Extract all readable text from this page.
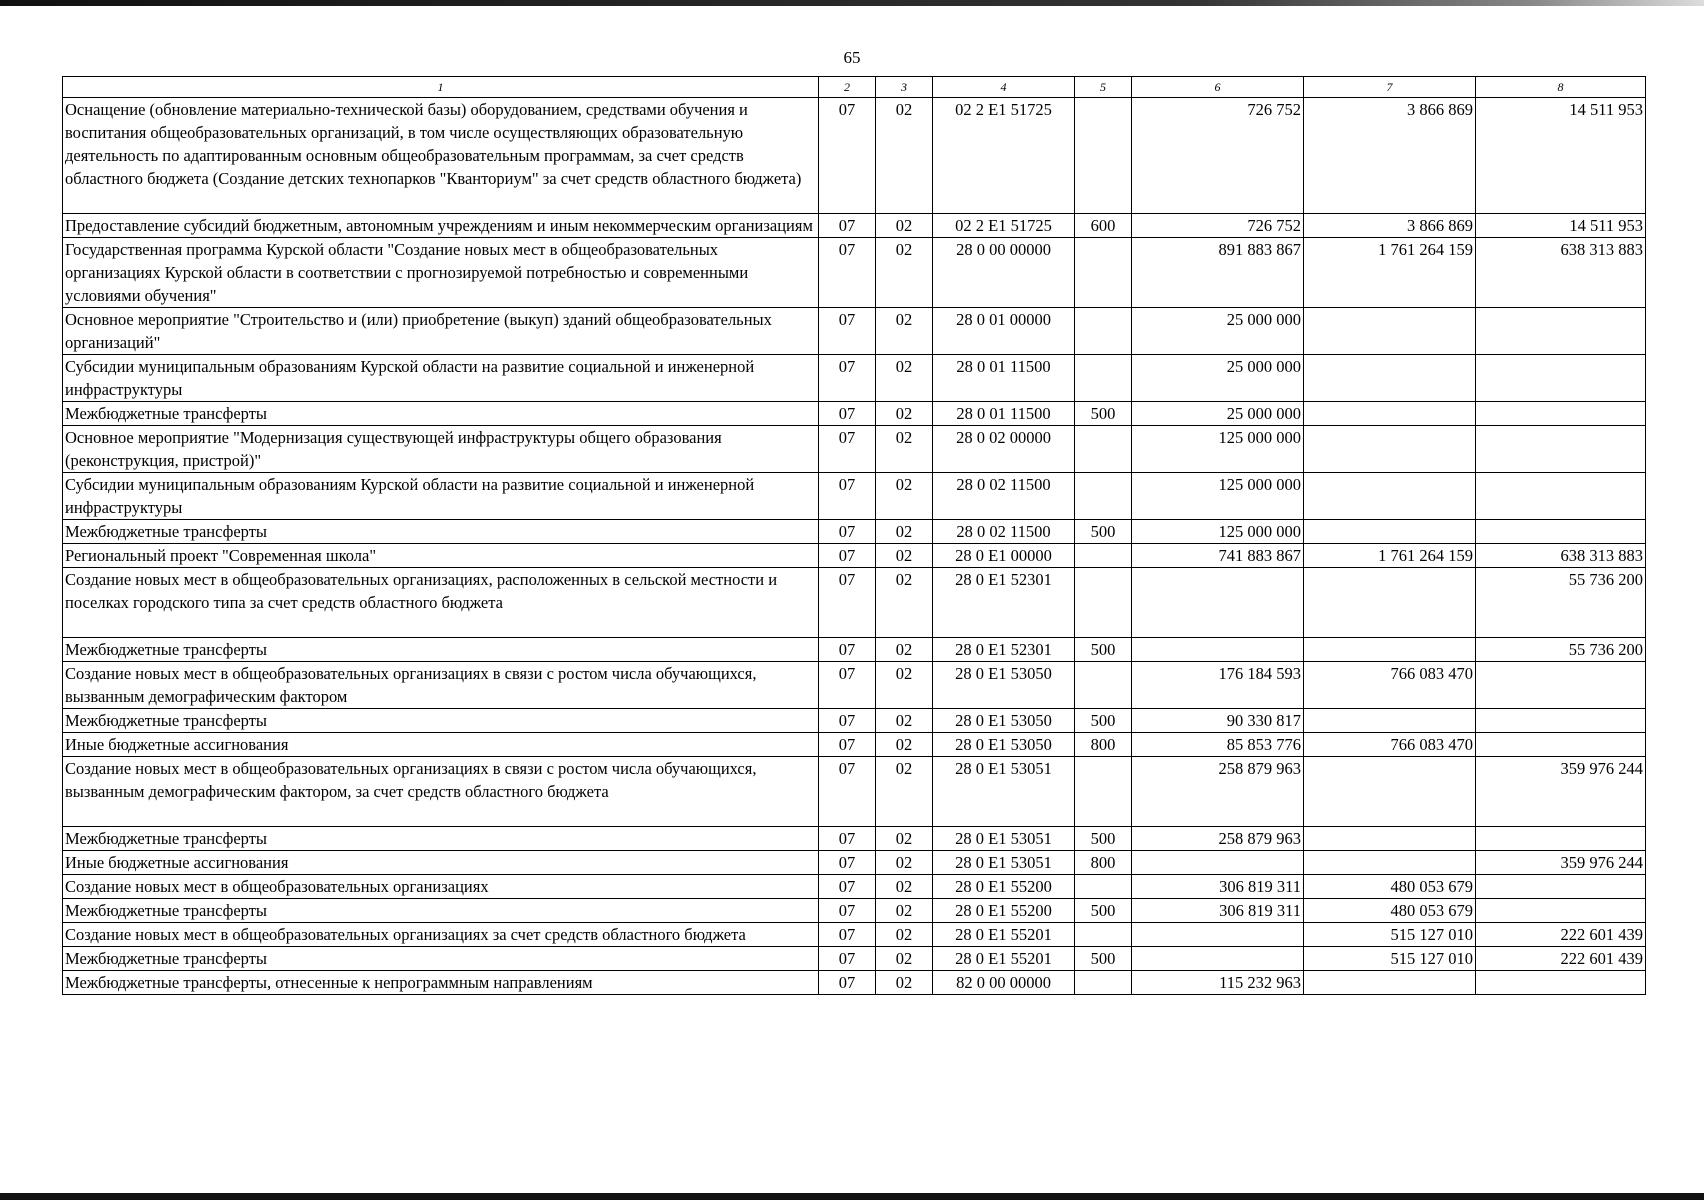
65
1	2	3	4	5	6	7	8
Оснащение (обновление материально-технической базы) оборудованием, средствами обучения и воспитания общеобразовательных организаций, в том числе осуществляющих образовательную деятельность по адаптированным основным общеобразовательным программам, за счет средств областного бюджета (Создание детских технопарков "Кванториум" за счет средств областного бюджета)	07	02	02 2 E1 51725		726 752	3 866 869	14 511 953
Предоставление субсидий бюджетным, автономным учреждениям и иным некоммерческим организациям	07	02	02 2 E1 51725	600	726 752	3 866 869	14 511 953
Государственная программа Курской области "Создание новых мест в общеобразовательных организациях Курской области в соответствии с прогнозируемой потребностью и современными условиями обучения"	07	02	28 0 00 00000		891 883 867	1 761 264 159	638 313 883
Основное мероприятие "Строительство и (или) приобретение (выкуп) зданий общеобразовательных организаций"	07	02	28 0 01 00000		25 000 000		
Субсидии муниципальным образованиям Курской области на развитие социальной и инженерной инфраструктуры	07	02	28 0 01 11500		25 000 000		
Межбюджетные трансферты	07	02	28 0 01 11500	500	25 000 000		
Основное мероприятие "Модернизация существующей инфраструктуры общего образования (реконструкция, пристрой)"	07	02	28 0 02 00000		125 000 000		
Субсидии муниципальным образованиям Курской области на развитие социальной и инженерной инфраструктуры	07	02	28 0 02 11500		125 000 000		
Межбюджетные трансферты	07	02	28 0 02 11500	500	125 000 000		
Региональный проект "Современная школа"	07	02	28 0 E1 00000		741 883 867	1 761 264 159	638 313 883
Создание новых мест в общеобразовательных организациях, расположенных в сельской местности и поселках городского типа за счет средств областного бюджета	07	02	28 0 E1 52301				55 736 200
Межбюджетные трансферты	07	02	28 0 E1 52301	500			55 736 200
Создание новых мест в общеобразовательных организациях в связи с ростом числа обучающихся, вызванным демографическим фактором	07	02	28 0 E1 53050		176 184 593	766 083 470	
Межбюджетные трансферты	07	02	28 0 E1 53050	500	90 330 817		
Иные бюджетные ассигнования	07	02	28 0 E1 53050	800	85 853 776	766 083 470	
Создание новых мест в общеобразовательных организациях в связи с ростом числа обучающихся, вызванным демографическим фактором, за счет средств областного бюджета	07	02	28 0 E1 53051		258 879 963		359 976 244
Межбюджетные трансферты	07	02	28 0 E1 53051	500	258 879 963		
Иные бюджетные ассигнования	07	02	28 0 E1 53051	800			359 976 244
Создание новых мест в общеобразовательных организациях	07	02	28 0 E1 55200		306 819 311	480 053 679	
Межбюджетные трансферты	07	02	28 0 E1 55200	500	306 819 311	480 053 679	
Создание новых мест в общеобразовательных организациях за счет средств областного бюджета	07	02	28 0 E1 55201			515 127 010	222 601 439
Межбюджетные трансферты	07	02	28 0 E1 55201	500		515 127 010	222 601 439
Межбюджетные трансферты, отнесенные к непрограммным направлениям	07	02	82 0 00 00000		115 232 963		
